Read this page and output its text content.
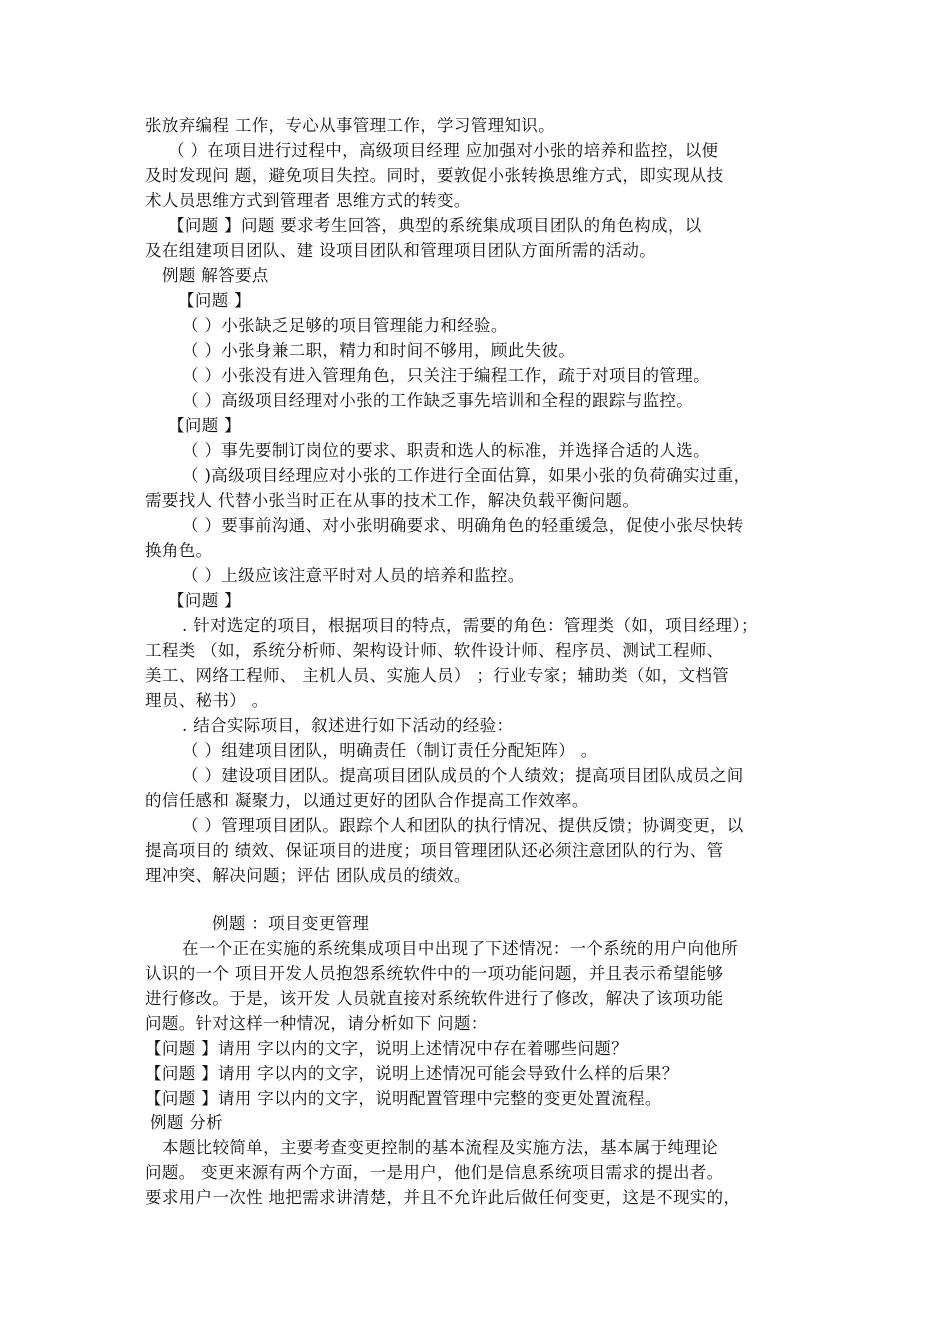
张放弃编程 工作，专心从事管理工作，学习管理知识。
（ ）在项目进行过程中，高级项目经理 应加强对小张的培养和监控，以便
及时发现问 题，避免项目失控。同时，要敦促小张转换思维方式，即实现从技
术人员思维方式到管理者 思维方式的转变。
【问题 】问题 要求考生回答，典型的系统集成项目团队的角色构成，以
及在组建项目团队、建 设项目团队和管理项目团队方面所需的活动。
例题 解答要点
【问题 】
（ ）小张缺乏足够的项目管理能力和经验。
（ ）小张身兼二职，精力和时间不够用，顾此失彼。
（ ）小张没有进入管理角色，只关注于编程工作，疏于对项目的管理。
（ ）高级项目经理对小张的工作缺乏事先培训和全程的跟踪与监控。
【问题 】
（ ）事先要制订岗位的要求、职责和选人的标准，并选择合适的人选。
（ )高级项目经理应对小张的工作进行全面估算，如果小张的负荷确实过重，
需要找人 代替小张当时正在从事的技术工作，解决负载平衡问题。
（ ）要事前沟通、对小张明确要求、明确角色的轻重缓急，促使小张尽快转
换角色。
（ ）上级应该注意平时对人员的培养和监控。
【问题 】
. 针对选定的项目，根据项目的特点，需要的角色：管理类（如，项目经理）；
工程类 （如，系统分析师、架构设计师、软件设计师、程序员、测试工程师、
美工、网络工程师、 主机人员、实施人员） ；行业专家；辅助类（如，文档管
理员、秘书） 。
. 结合实际项目，叙述进行如下活动的经验：
（ ）组建项目团队，明确责任（制订责任分配矩阵） 。
（ ）建设项目团队。提高项目团队成员的个人绩效；提高项目团队成员之间
的信任感和 凝聚力，以通过更好的团队合作提高工作效率。
（ ）管理项目团队。跟踪个人和团队的执行情况、提供反馈；协调变更，以
提高项目的 绩效、保证项目的进度；项目管理团队还必须注意团队的行为、管
理冲突、解决问题；评估 团队成员的绩效。
例题 ：项目变更管理
在一个正在实施的系统集成项目中出现了下述情况：一个系统的用户向他所
认识的一个 项目开发人员抱怨系统软件中的一项功能问题，并且表示希望能够
进行修改。于是，该开发 人员就直接对系统软件进行了修改，解决了该项功能
问题。针对这样一种情况，请分析如下 问题：
【问题 】请用 字以内的文字，说明上述情况中存在着哪些问题？
【问题 】请用 字以内的文字，说明上述情况可能会导致什么样的后果？
【问题 】请用 字以内的文字，说明配置管理中完整的变更处置流程。
例题 分析
本题比较简单，主要考查变更控制的基本流程及实施方法，基本属于纯理论
问题。 变更来源有两个方面，一是用户，他们是信息系统项目需求的提出者。
要求用户一次性 地把需求讲清楚，并且不允许此后做任何变更，这是不现实的，
